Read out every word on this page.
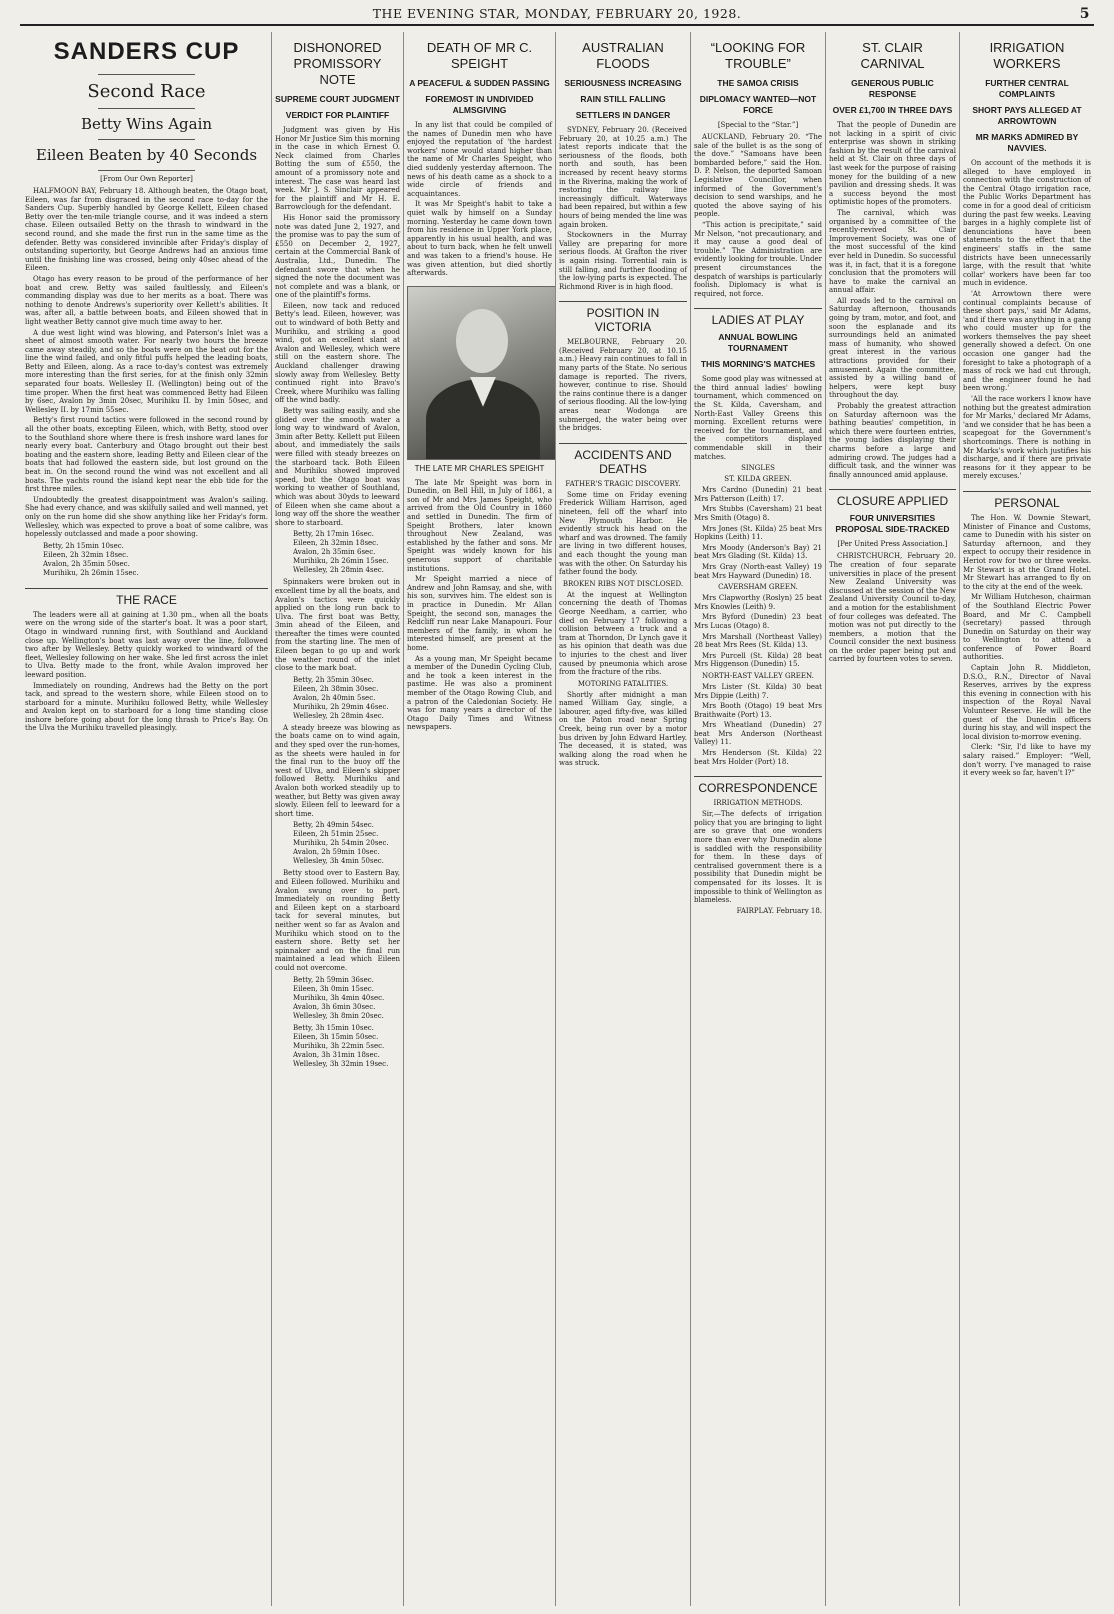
THE EVENING STAR, MONDAY, FEBRUARY 20, 1928.	5
SANDERS CUP
Second Race
Betty Wins Again
Eileen Beaten by 40 Seconds
[From Our Own Reporter]

HALFMOON BAY, February 18. Although beaten, the Otago boat, Eileen, was far from disgraced in the second race to-day for the Sanders Cup. Superbly handled by George Kellett, Eileen chased Betty over the ten-mile triangle course, and it was indeed a stern chase. Eileen outsailed Betty on the thrash to windward in the second round, and she made the first run in the same time as the defender. Betty was considered invincible after Friday's display of outstanding superiority, but George Andrews had an anxious time until the finishing line was crossed, being only 40sec ahead of the Eileen.

Otago has every reason to be proud of the performance of her boat and crew. Betty was sailed faultlessly, and Eileen's commanding display was due to her merits as a boat. There was nothing to denote Andrews's superiority over Kellett's abilities. It was, after all, a battle between boats, and Eileen showed that in light weather Betty cannot give much time away to her.

A due west light wind was blowing, and Paterson's Inlet was a sheet of almost smooth water. For nearly two hours the breeze came away steadily, and so the boats were on the beat out for the line the wind failed, and only fitful puffs helped the leading boats, Betty and Eileen, along. As a race to-day's contest was extremely more interesting than the first series, for at the finish only 32min separated four boats. Wellesley II. (Wellington) being out of the time proper. When the first heat was commenced Betty had Eileen by 6sec, Avalon by 3min 20sec, Murihiku II. by 1min 50sec, and Wellesley II. by 17min 55sec.

Betty's first round tactics were followed in the second round by all the other boats, excepting Eileen, which, with Betty, stood over to the Southland shore where there is fresh inshore ward lanes for nearly every boat. Canterbury and Otago brought out their best boating and the eastern shore, leading Betty and Eileen clear of the boats that had followed the eastern side, but lost ground on the beat in. On the second round the wind was not excellent and all boats. The yachts round the island kept near the ebb tide for the first three miles.

Undoubtedly the greatest disappointment was Avalon's sailing. She had every chance, and was skilfully sailed and well manned, yet only on the run home did she show anything like her Friday's form. Wellesley, which was expected to prove a boat of some calibre, was hopelessly outclassed and made a poor showing.

Betty, 2h 15min 10sec.
Eileen, 2h 32min 18sec.
Avalon, 2h 35min 50sec.
Murihiku, 2h 26min 15sec.
THE RACE

The leaders were all at gaining at 1.30 pm., when all the boats were on the wrong side of the starter's boat. It was a poor start, Otago in windward running first, with Southland and Auckland close up. Wellington's boat was last away over the line, followed two after by Wellesley. Betty quickly worked to windward of the fleet, Wellesley following on her wake. She led first across the inlet to Ulva. Betty made to the front, while Avalon improved her leeward position.

Immediately on rounding, Andrews had the Betty on the port tack, and spread to the western shore, while Eileen stood on to starboard for a minute. Murihiku followed Betty, while Wellesley and Avalon kept on to starboard for a long time standing close inshore before going about for the long thrash to Price's Bay. On the Ulva the Murihiku travelled pleasingly.

DISHONORED PROMISSORY NOTE
SUPREME COURT JUDGMENT
VERDICT FOR PLAINTIFF

Judgment was given by His Honor Mr Justice Sim this morning in the case in which Ernest O. Neck claimed from Charles Botting the sum of £550, the amount of a promissory note and interest. The case was heard last week. Mr J. S. Sinclair appeared for the plaintiff and Mr H. E. Barrowclough for the defendant.

His Honor said the promissory note was dated June 2, 1927, and the promise was to pay the sum of £550 on December 2, 1927, certain at the Commercial Bank of Australia, Ltd., Dunedin. The defendant swore that when he signed the note the document was not complete and was a blank, or one of the plaintiff's forms.

Eileen, now tack and reduced Betty's lead. Eileen, however, was out to windward of both Betty and Murihiku, and striking a good wind, got an excellent slant at Avalon and Wellesley, which were still on the eastern shore. The Auckland challenger drawing slowly away from Wellesley. Betty continued right into Bravo's Creek, where Murihiku was falling off the wind badly.

Betty was sailing easily, and she glided over the smooth water a long way to windward of Avalon, 3min after Betty. Kellett put Eileen about, and immediately the sails were filled with steady breezes on the starboard tack. Both Eileen and Murihiku showed improved speed, but the Otago boat was working to weather of Southland, which was about 30yds to leeward of Eileen when she came about a long way off the shore the weather shore to starboard.

Betty, 2h 17min 16sec.
Eileen, 2h 32min 18sec.
Avalon, 2h 35min 6sec.
Murihiku, 2h 26min 15sec.
Wellesley, 2h 28min 4sec.

Spinnakers were broken out in excellent time by all the boats, and Avalon's tactics were quickly applied on the long run back to Ulva. The first boat was Betty, 3min ahead of the Eileen, and thereafter the times were counted from the starting line. The men of Eileen began to go up and work the weather round of the inlet close to the mark boat.

Betty, 2h 35min 30sec.
Eileen, 2h 38min 30sec.
Avalon, 2h 40min 5sec.
Murihiku, 2h 29min 46sec.
Wellesley, 2h 28min 4sec.

A steady breeze was blowing as the boats came on to wind again, and they sped over the run-homes, as the sheets were hauled in for the final run to the buoy off the west of Ulva, and Eileen's skipper followed Betty. Murihiku and Avalon both worked steadily up to weather, but Betty was given away slowly. Eileen fell to leeward for a short time.

Betty, 2h 49min 54sec.
Eileen, 2h 51min 25sec.
Murihiku, 2h 54min 20sec.
Avalon, 2h 59min 10sec.
Wellesley, 3h 4min 50sec.

Betty stood over to Eastern Bay, and Eileen followed. Murihiku and Avalon swung over to port. Immediately on rounding Betty and Eileen kept on a starboard tack for several minutes, but neither went so far as Avalon and Murihiku which stood on to the eastern shore. Betty set her spinnaker and on the final run maintained a lead which Eileen could not overcome.

Betty, 2h 59min 36sec.
Eileen, 3h 0min 15sec.
Murihiku, 3h 4min 40sec.
Avalon, 3h 6min 30sec.
Wellesley, 3h 8min 20sec.
Betty, 3h 15min 10sec.
Eileen, 3h 15min 50sec.
Murihiku, 3h 22min 5sec.
Avalon, 3h 31min 18sec.
Wellesley, 3h 32min 19sec.
DEATH OF MR C. SPEIGHT
A PEACEFUL & SUDDEN PASSING
FOREMOST IN UNDIVIDED ALMSGIVING

In any list that could be compiled of the names of Dunedin men who have enjoyed the reputation of 'the hardest workers' none would stand higher than the name of Mr Charles Speight, who died suddenly yesterday afternoon. The news of his death came as a shock to a wide circle of friends and acquaintances.

It was Mr Speight's habit to take a quiet walk by himself on a Sunday morning. Yesterday he came down town from his residence in Upper York place, apparently in his usual health, and was about to turn back, when he felt unwell and was taken to a friend's house. He was given attention, but died shortly afterwards.

THE LATE MR CHARLES SPEIGHT

The late Mr Speight was born in Dunedin, on Bell Hill, in July of 1861, a son of Mr and Mrs James Speight, who arrived from the Old Country in 1860 and settled in Dunedin. The firm of Speight Brothers, later known throughout New Zealand, was established by the father and sons. Mr Speight was widely known for his generous support of charitable institutions.

Mr Speight married a niece of Andrew and John Ramsay, and she, with his son, survives him. The eldest son is in practice in Dunedin. Mr Allan Speight, the second son, manages the Redcliff run near Lake Manapouri. Four members of the family, in whom he interested himself, are present at the home.

As a young man, Mr Speight became a member of the Dunedin Cycling Club, and he took a keen interest in the pastime. He was also a prominent member of the Otago Rowing Club, and a patron of the Caledonian Society. He was for many years a director of the Otago Daily Times and Witness newspapers.

AUSTRALIAN FLOODS
SERIOUSNESS INCREASING
RAIN STILL FALLING
SETTLERS IN DANGER

SYDNEY, February 20. (Received February 20, at 10.25 a.m.) The latest reports indicate that the seriousness of the floods, both north and south, has been increased by recent heavy storms in the Riverina, making the work of restoring the railway line increasingly difficult. Waterways had been repaired, but within a few hours of being mended the line was again broken.

Stockowners in the Murray Valley are preparing for more serious floods. At Grafton the river is again rising. Torrential rain is still falling, and further flooding of the low-lying parts is expected. The Richmond River is in high flood.

POSITION IN VICTORIA

MELBOURNE, February 20. (Received February 20, at 10.15 a.m.) Heavy rain continues to fall in many parts of the State. No serious damage is reported. The rivers, however, continue to rise. Should the rains continue there is a danger of serious flooding. All the low-lying areas near Wodonga are submerged, the water being over the bridges.

ACCIDENTS AND DEATHS
FATHER'S TRAGIC DISCOVERY.

Some time on Friday evening Frederick William Harrison, aged nineteen, fell off the wharf into New Plymouth Harbor. He evidently struck his head on the wharf and was drowned. The family are living in two different houses, and each thought the young man was with the other. On Saturday his father found the body.

BROKEN RIBS NOT DISCLOSED.

At the inquest at Wellington concerning the death of Thomas George Needham, a carrier, who died on February 17 following a collision between a truck and a tram at Thorndon, Dr Lynch gave it as his opinion that death was due to injuries to the chest and liver caused by pneumonia which arose from the fracture of the ribs.

MOTORING FATALITIES.

Shortly after midnight a man named William Gay, single, a labourer, aged fifty-five, was killed on the Paton road near Spring Creek, being run over by a motor bus driven by John Edward Hartley. The deceased, it is stated, was walking along the road when he was struck.

“LOOKING FOR TROUBLE”
THE SAMOA CRISIS
DIPLOMACY WANTED—NOT FORCE
[Special to the “Star.”]

AUCKLAND, February 20. “The sale of the bullet is as the song of the dove.” “Samoans have been bombarded before,” said the Hon. D. P. Nelson, the deported Samoan Legislative Councillor, when informed of the Government's decision to send warships, and he quoted the above saying of his people.

“This action is precipitate,” said Mr Nelson, “not precautionary, and it may cause a good deal of trouble.” The Administration are evidently looking for trouble. Under present circumstances the despatch of warships is particularly foolish. Diplomacy is what is required, not force.

LADIES AT PLAY
ANNUAL BOWLING TOURNAMENT
THIS MORNING'S MATCHES

Some good play was witnessed at the third annual ladies' bowling tournament, which commenced on the St. Kilda, Caversham, and North-East Valley Greens this morning. Excellent returns were received for the tournament, and the competitors displayed commendable skill in their matches.

SINGLES
ST. KILDA GREEN.

Mrs Cardno (Dunedin) 21 beat Mrs Patterson (Leith) 17.

Mrs Stubbs (Caversham) 21 beat Mrs Smith (Otago) 8.

Mrs Jones (St. Kilda) 25 beat Mrs Hopkins (Leith) 11.

Mrs Moody (Anderson's Bay) 21 beat Mrs Glading (St. Kilda) 13.

Mrs Gray (North-east Valley) 19 beat Mrs Hayward (Dunedin) 18.

CAVERSHAM GREEN.

Mrs Clapworthy (Roslyn) 25 beat Mrs Knowles (Leith) 9.

Mrs Byford (Dunedin) 23 beat Mrs Lucas (Otago) 8.

Mrs Marshall (Northeast Valley) 28 beat Mrs Rees (St. Kilda) 13.

Mrs Purcell (St. Kilda) 28 beat Mrs Higgenson (Dunedin) 15.

NORTH-EAST VALLEY GREEN.

Mrs Lister (St. Kilda) 30 beat Mrs Dippie (Leith) 7.

Mrs Booth (Otago) 19 beat Mrs Braithwaite (Port) 13.

Mrs Wheatland (Dunedin) 27 beat Mrs Anderson (Northeast Valley) 11.

Mrs Henderson (St. Kilda) 22 beat Mrs Holder (Port) 18.

CORRESPONDENCE
IRRIGATION METHODS.

Sir,—The defects of irrigation policy that you are bringing to light are so grave that one wonders more than ever why Dunedin alone is saddled with the responsibility for them. In these days of centralised government there is a possibility that Dunedin might be compensated for its losses. It is impossible to think of Wellington as blameless.

FAIRPLAY. February 18.
ST. CLAIR CARNIVAL
GENEROUS PUBLIC RESPONSE
OVER £1,700 IN THREE DAYS

That the people of Dunedin are not lacking in a spirit of civic enterprise was shown in striking fashion by the result of the carnival held at St. Clair on three days of last week for the purpose of raising money for the building of a new pavilion and dressing sheds. It was a success beyond the most optimistic hopes of the promoters.

The carnival, which was organised by a committee of the recently-revived St. Clair Improvement Society, was one of the most successful of the kind ever held in Dunedin. So successful was it, in fact, that it is a foregone conclusion that the promoters will have to make the carnival an annual affair.

All roads led to the carnival on Saturday afternoon, thousands going by tram, motor, and foot, and soon the esplanade and its surroundings held an animated mass of humanity, who showed great interest in the various attractions provided for their amusement. Again the committee, assisted by a willing band of helpers, were kept busy throughout the day.

Probably the greatest attraction on Saturday afternoon was the bathing beauties' competition, in which there were fourteen entries, the young ladies displaying their charms before a large and admiring crowd. The judges had a difficult task, and the winner was finally announced amid applause.

CLOSURE APPLIED
FOUR UNIVERSITIES PROPOSAL SIDE-TRACKED
[Per United Press Association.]

CHRISTCHURCH, February 20. The creation of four separate universities in place of the present New Zealand University was discussed at the session of the New Zealand University Council to-day, and a motion for the establishment of four colleges was defeated. The motion was not put directly to the members, a motion that the Council consider the next business on the order paper being put and carried by fourteen votes to seven.

IRRIGATION WORKERS
FURTHER CENTRAL COMPLAINTS
SHORT PAYS ALLEGED AT ARROWTOWN
MR MARKS ADMIRED BY NAVVIES.

On account of the methods it is alleged to have employed in connection with the construction of the Central Otago irrigation race, the Public Works Department has come in for a good deal of criticism during the past few weeks. Leaving barges in a highly complete list of denunciations have been statements to the effect that the engineers' staffs in the same districts have been unnecessarily large, with the result that 'white collar' workers have been far too much in evidence.

'At Arrowtown there were continual complaints because of these short pays,' said Mr Adams, 'and if there was anything in a gang who could muster up for the workers themselves the pay sheet generally showed a defect. On one occasion one ganger had the foresight to take a photograph of a mass of rock we had cut through, and the engineer found he had been wrong.'

'All the race workers I know have nothing but the greatest admiration for Mr Marks,' declared Mr Adams, 'and we consider that he has been a scapegoat for the Government's shortcomings. There is nothing in Mr Marks's work which justifies his discharge, and if there are private reasons for it they appear to be merely excuses.'

PERSONAL

The Hon. W. Downie Stewart, Minister of Finance and Customs, came to Dunedin with his sister on Saturday afternoon, and they expect to occupy their residence in Heriot row for two or three weeks. Mr Stewart is at the Grand Hotel. Mr Stewart has arranged to fly on to the city at the end of the week.

Mr William Hutcheson, chairman of the Southland Electric Power Board, and Mr C. Campbell (secretary) passed through Dunedin on Saturday on their way to Wellington to attend a conference of Power Board authorities.

Captain John R. Middleton, D.S.O., R.N., Director of Naval Reserves, arrives by the express this evening in connection with his inspection of the Royal Naval Volunteer Reserve. He will be the guest of the Dunedin officers during his stay, and will inspect the local division to-morrow evening.

Clerk: “Sir, I'd like to have my salary raised.” Employer: “Well, don't worry. I've managed to raise it every week so far, haven't I?”
